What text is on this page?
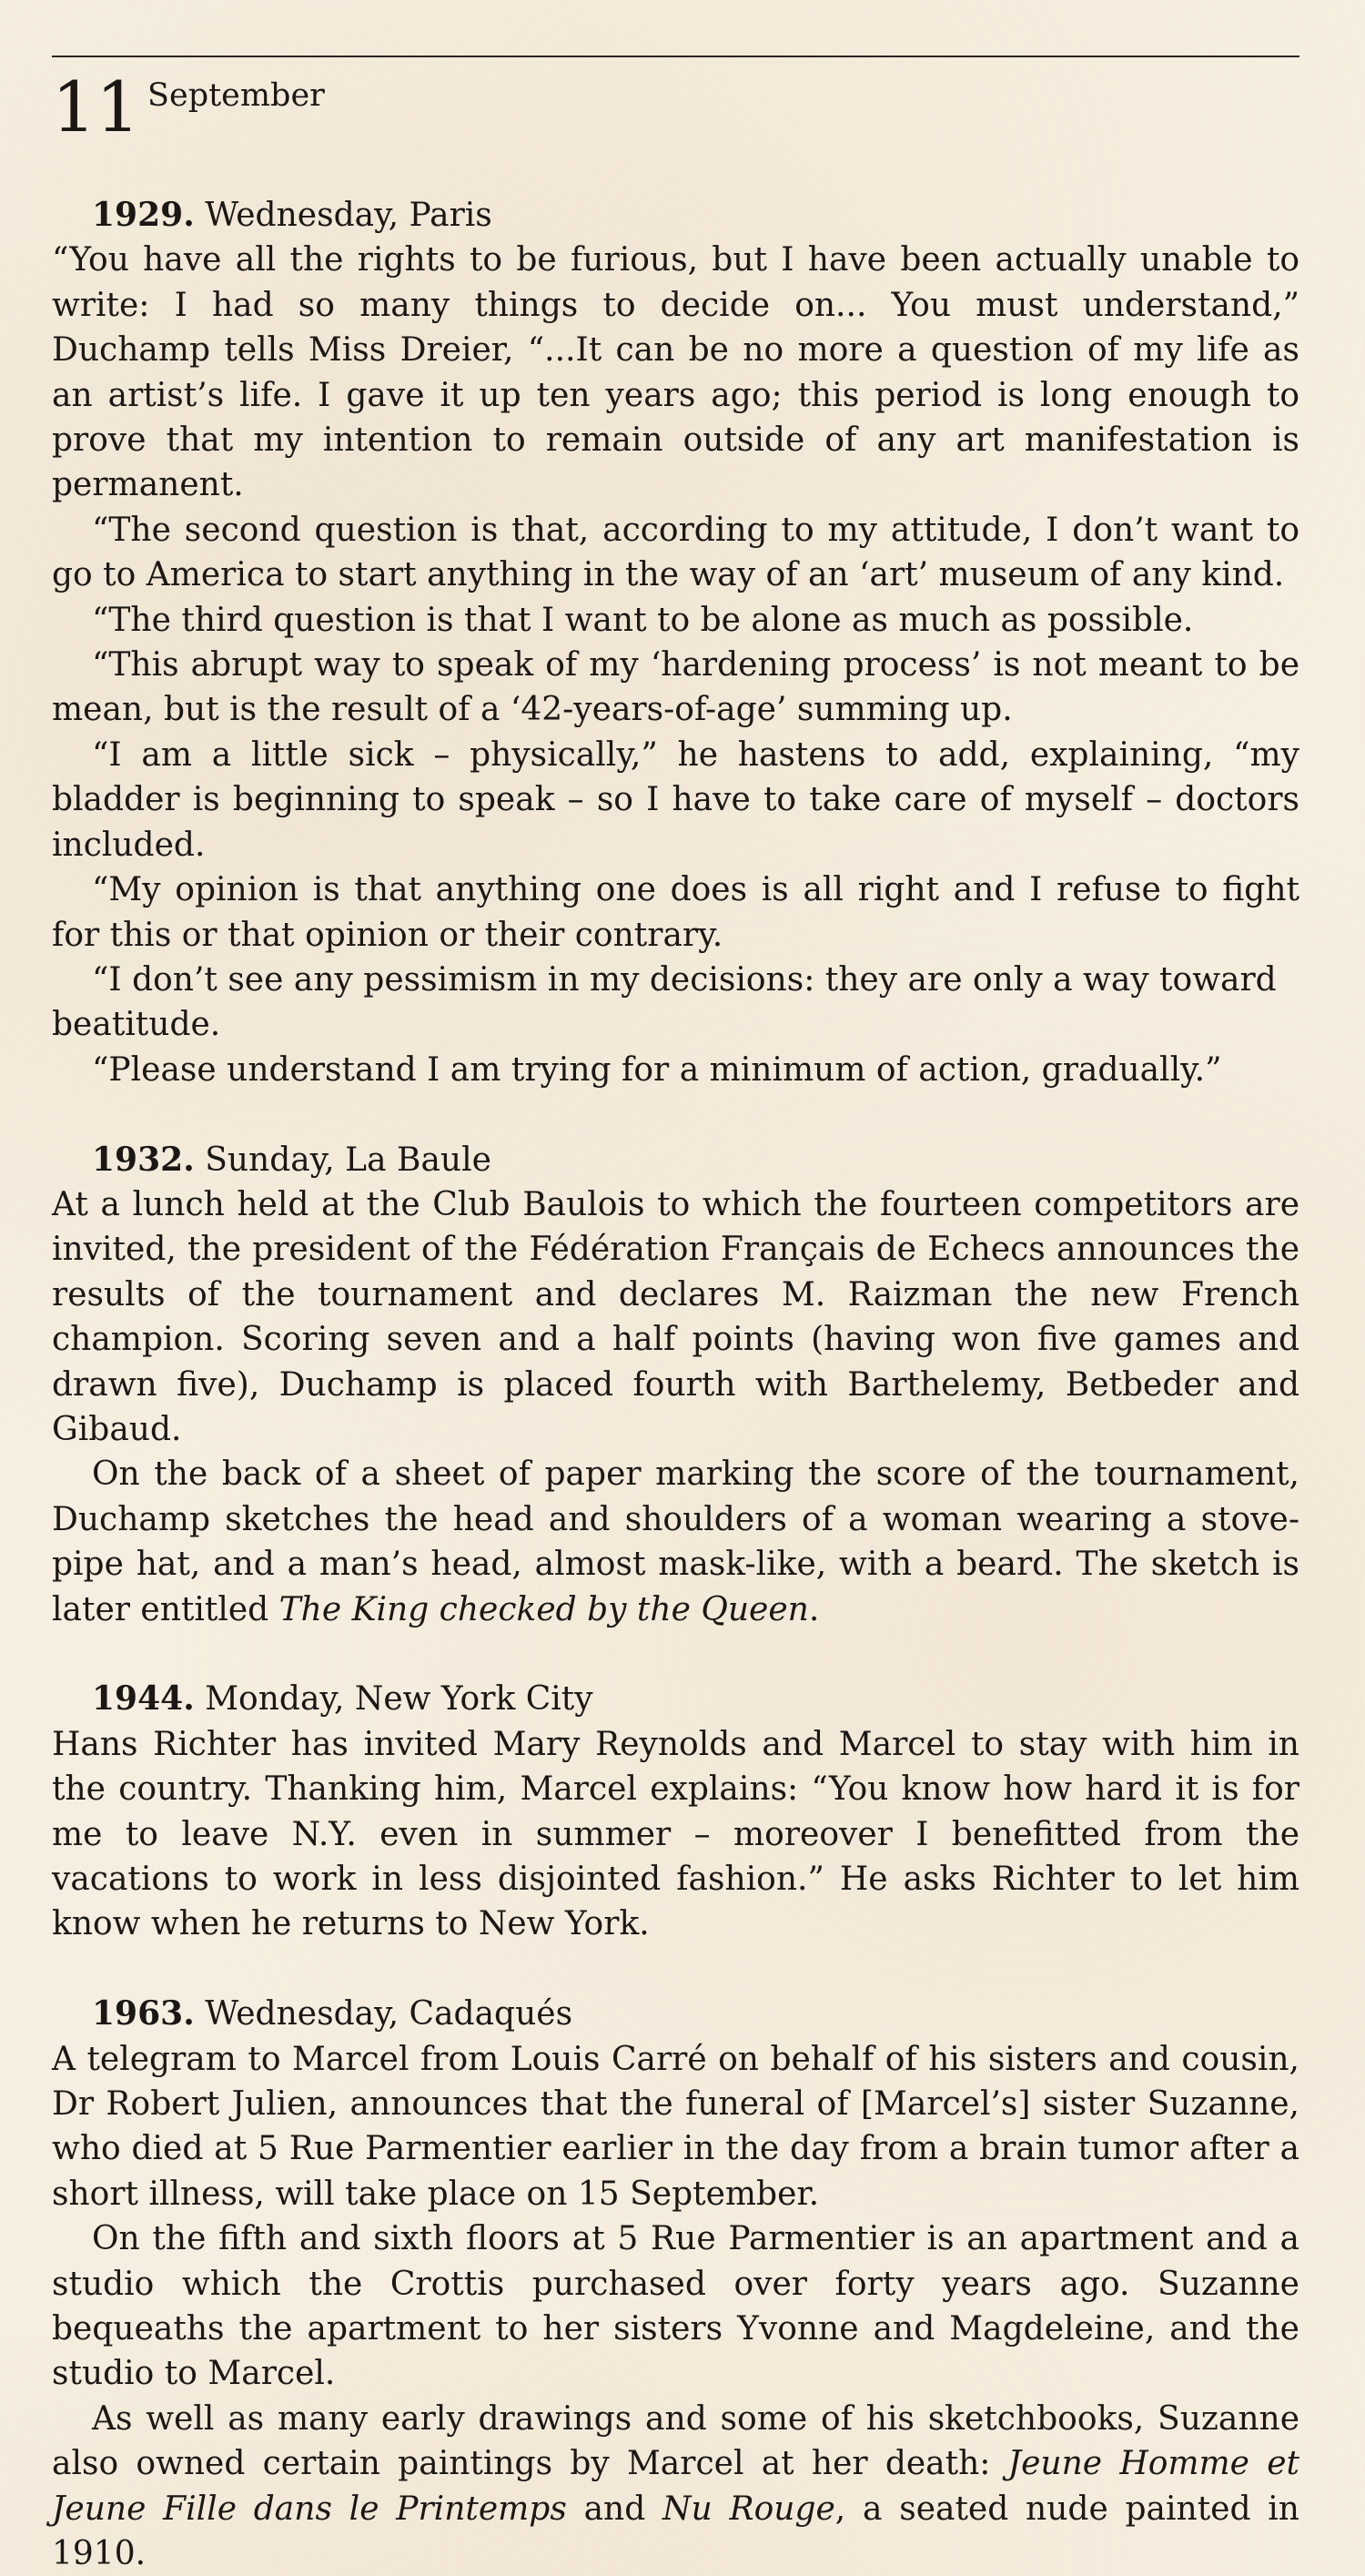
11 September
1929. Wednesday, Paris

“You have all the rights to be furious, but I have been actually unable to write: I had so many things to decide on... You must understand,” Duchamp tells Miss Dreier, “...It can be no more a question of my life as an artist’s life. I gave it up ten years ago; this period is long enough to prove that my intention to remain outside of any art manifestation is permanent.

“The second question is that, according to my attitude, I don’t want to go to America to start anything in the way of an ‘art’ museum of any kind.

“The third question is that I want to be alone as much as possible.

“This abrupt way to speak of my ‘hardening process’ is not meant to be mean, but is the result of a ‘42-years-of-age’ summing up.

“I am a little sick – physically,” he hastens to add, explaining, “my bladder is beginning to speak – so I have to take care of myself – doctors included.

“My opinion is that anything one does is all right and I refuse to fight for this or that opinion or their contrary.

“I don’t see any pessimism in my decisions: they are only a way toward beatitude.

“Please understand I am trying for a minimum of action, gradually.”

1932. Sunday, La Baule

At a lunch held at the Club Baulois to which the fourteen competitors are invited, the president of the Fédération Français de Echecs announces the results of the tournament and declares M. Raizman the new French champion. Scoring seven and a half points (having won five games and drawn five), Duchamp is placed fourth with Barthelemy, Betbeder and Gibaud.

On the back of a sheet of paper marking the score of the tournament, Duchamp sketches the head and shoulders of a woman wearing a stove-pipe hat, and a man’s head, almost mask-like, with a beard. The sketch is later entitled The King checked by the Queen.

1944. Monday, New York City

Hans Richter has invited Mary Reynolds and Marcel to stay with him in the country. Thanking him, Marcel explains: “You know how hard it is for me to leave N.Y. even in summer – moreover I benefitted from the vacations to work in less disjointed fashion.” He asks Richter to let him know when he returns to New York.

1963. Wednesday, Cadaqués

A telegram to Marcel from Louis Carré on behalf of his sisters and cousin, Dr Robert Julien, announces that the funeral of [Marcel’s] sister Suzanne, who died at 5 Rue Parmentier earlier in the day from a brain tumor after a short illness, will take place on 15 September.

On the fifth and sixth floors at 5 Rue Parmentier is an apartment and a studio which the Crottis purchased over forty years ago. Suzanne bequeaths the apartment to her sisters Yvonne and Magdeleine, and the studio to Marcel.

As well as many early drawings and some of his sketchbooks, Suzanne also owned certain paintings by Marcel at her death: Jeune Homme et Jeune Fille dans le Printemps and Nu Rouge, a seated nude painted in 1910.
